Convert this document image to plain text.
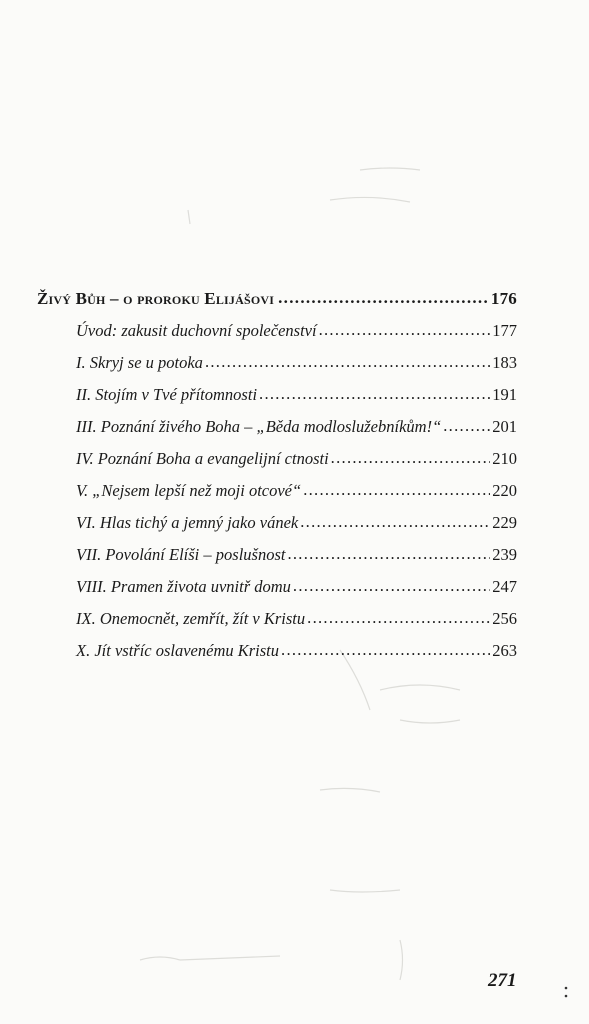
Živý Bůh – o proroku Elijášovi .....	176
Úvod: zakusit duchovní společenství .....	177
I. Skryj se u potoka .....	183
II. Stojím v Tvé přítomnosti .....	191
III. Poznání živého Boha – „Běda modloslužebníkům!“ .....	201
IV. Poznání Boha a evangelijní ctnosti .....	210
V. „Nejsem lepší než moji otcové“ .....	220
VI. Hlas tichý a jemný jako vánek .....	229
VII. Povolání Elíši – poslušnost .....	239
VIII. Pramen života uvnitř domu .....	247
IX. Onemocnět, zemřít, žít v Kristu .....	256
X. Jít vstříc oslavenému Kristu .....	263
271
